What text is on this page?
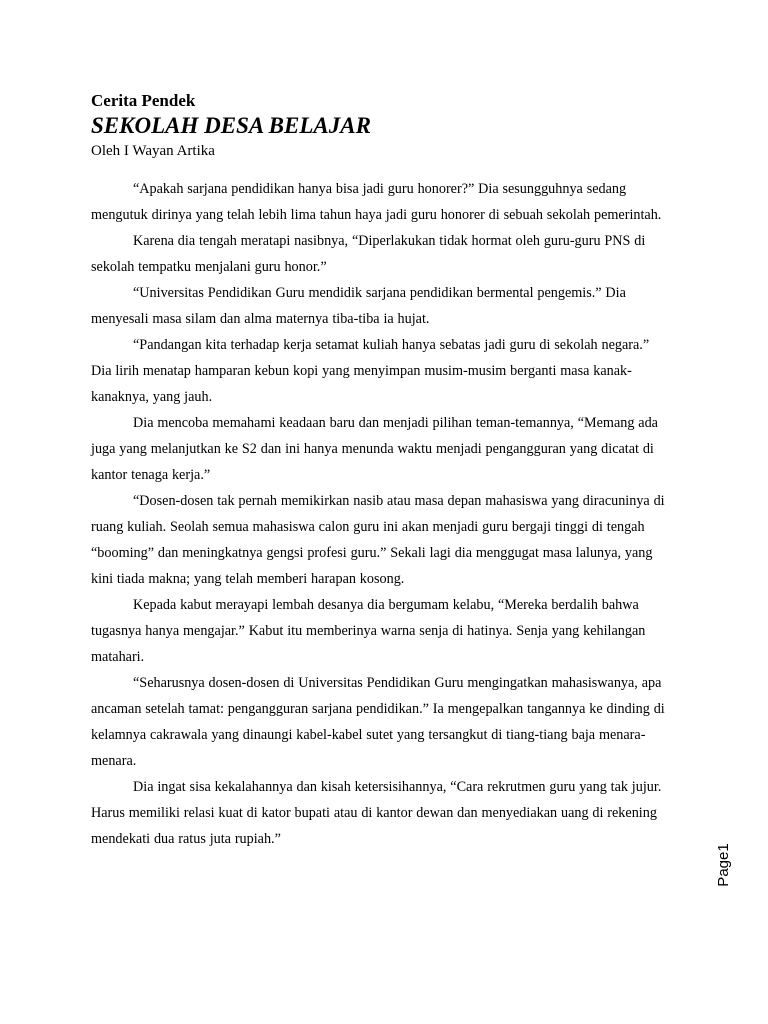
Cerita Pendek

SEKOLAH DESA BELAJAR

Oleh I Wayan Artika

“Apakah sarjana pendidikan hanya bisa jadi guru honorer?” Dia sesungguhnya sedang mengutuk dirinya yang telah lebih lima tahun haya jadi guru honorer di sebuah sekolah pemerintah.

Karena dia tengah meratapi nasibnya, “Diperlakukan tidak hormat oleh guru-guru PNS di sekolah tempatku menjalani guru honor.”

“Universitas Pendidikan Guru mendidik sarjana pendidikan bermental pengemis.” Dia menyesali masa silam dan alma maternya tiba-tiba ia hujat.

“Pandangan kita terhadap kerja setamat kuliah hanya sebatas jadi guru di sekolah negara.” Dia lirih menatap hamparan kebun kopi yang menyimpan musim-musim berganti masa kanak-kanaknya, yang jauh.

Dia mencoba memahami keadaan baru dan menjadi pilihan teman-temannya, “Memang ada juga yang melanjutkan ke S2 dan ini hanya menunda waktu menjadi pengangguran yang dicatat di kantor tenaga kerja.”

“Dosen-dosen tak pernah memikirkan nasib atau masa depan mahasiswa yang diracuninya di ruang kuliah. Seolah semua mahasiswa calon guru ini akan menjadi guru bergaji tinggi di tengah “booming” dan meningkatnya gengsi profesi guru.” Sekali lagi dia menggugat masa lalunya, yang kini tiada makna; yang telah memberi harapan kosong.

Kepada kabut merayapi lembah desanya dia bergumam kelabu, “Mereka berdalih bahwa tugasnya hanya mengajar.” Kabut itu memberinya warna senja di hatinya. Senja yang kehilangan matahari.

“Seharusnya dosen-dosen di Universitas Pendidikan Guru mengingatkan mahasiswanya, apa ancaman setelah tamat: pengangguran sarjana pendidikan.” Ia mengepalkan tangannya ke dinding di kelamnya cakrawala yang dinaungi kabel-kabel sutet yang tersangkut di tiang-tiang baja menara-menara.

Dia ingat sisa kekalahannya dan kisah ketersisihannya, “Cara rekrutmen guru yang tak jujur. Harus memiliki relasi kuat di kator bupati atau di kantor dewan dan menyediakan uang di rekening mendekati dua ratus juta rupiah.”

Page1
